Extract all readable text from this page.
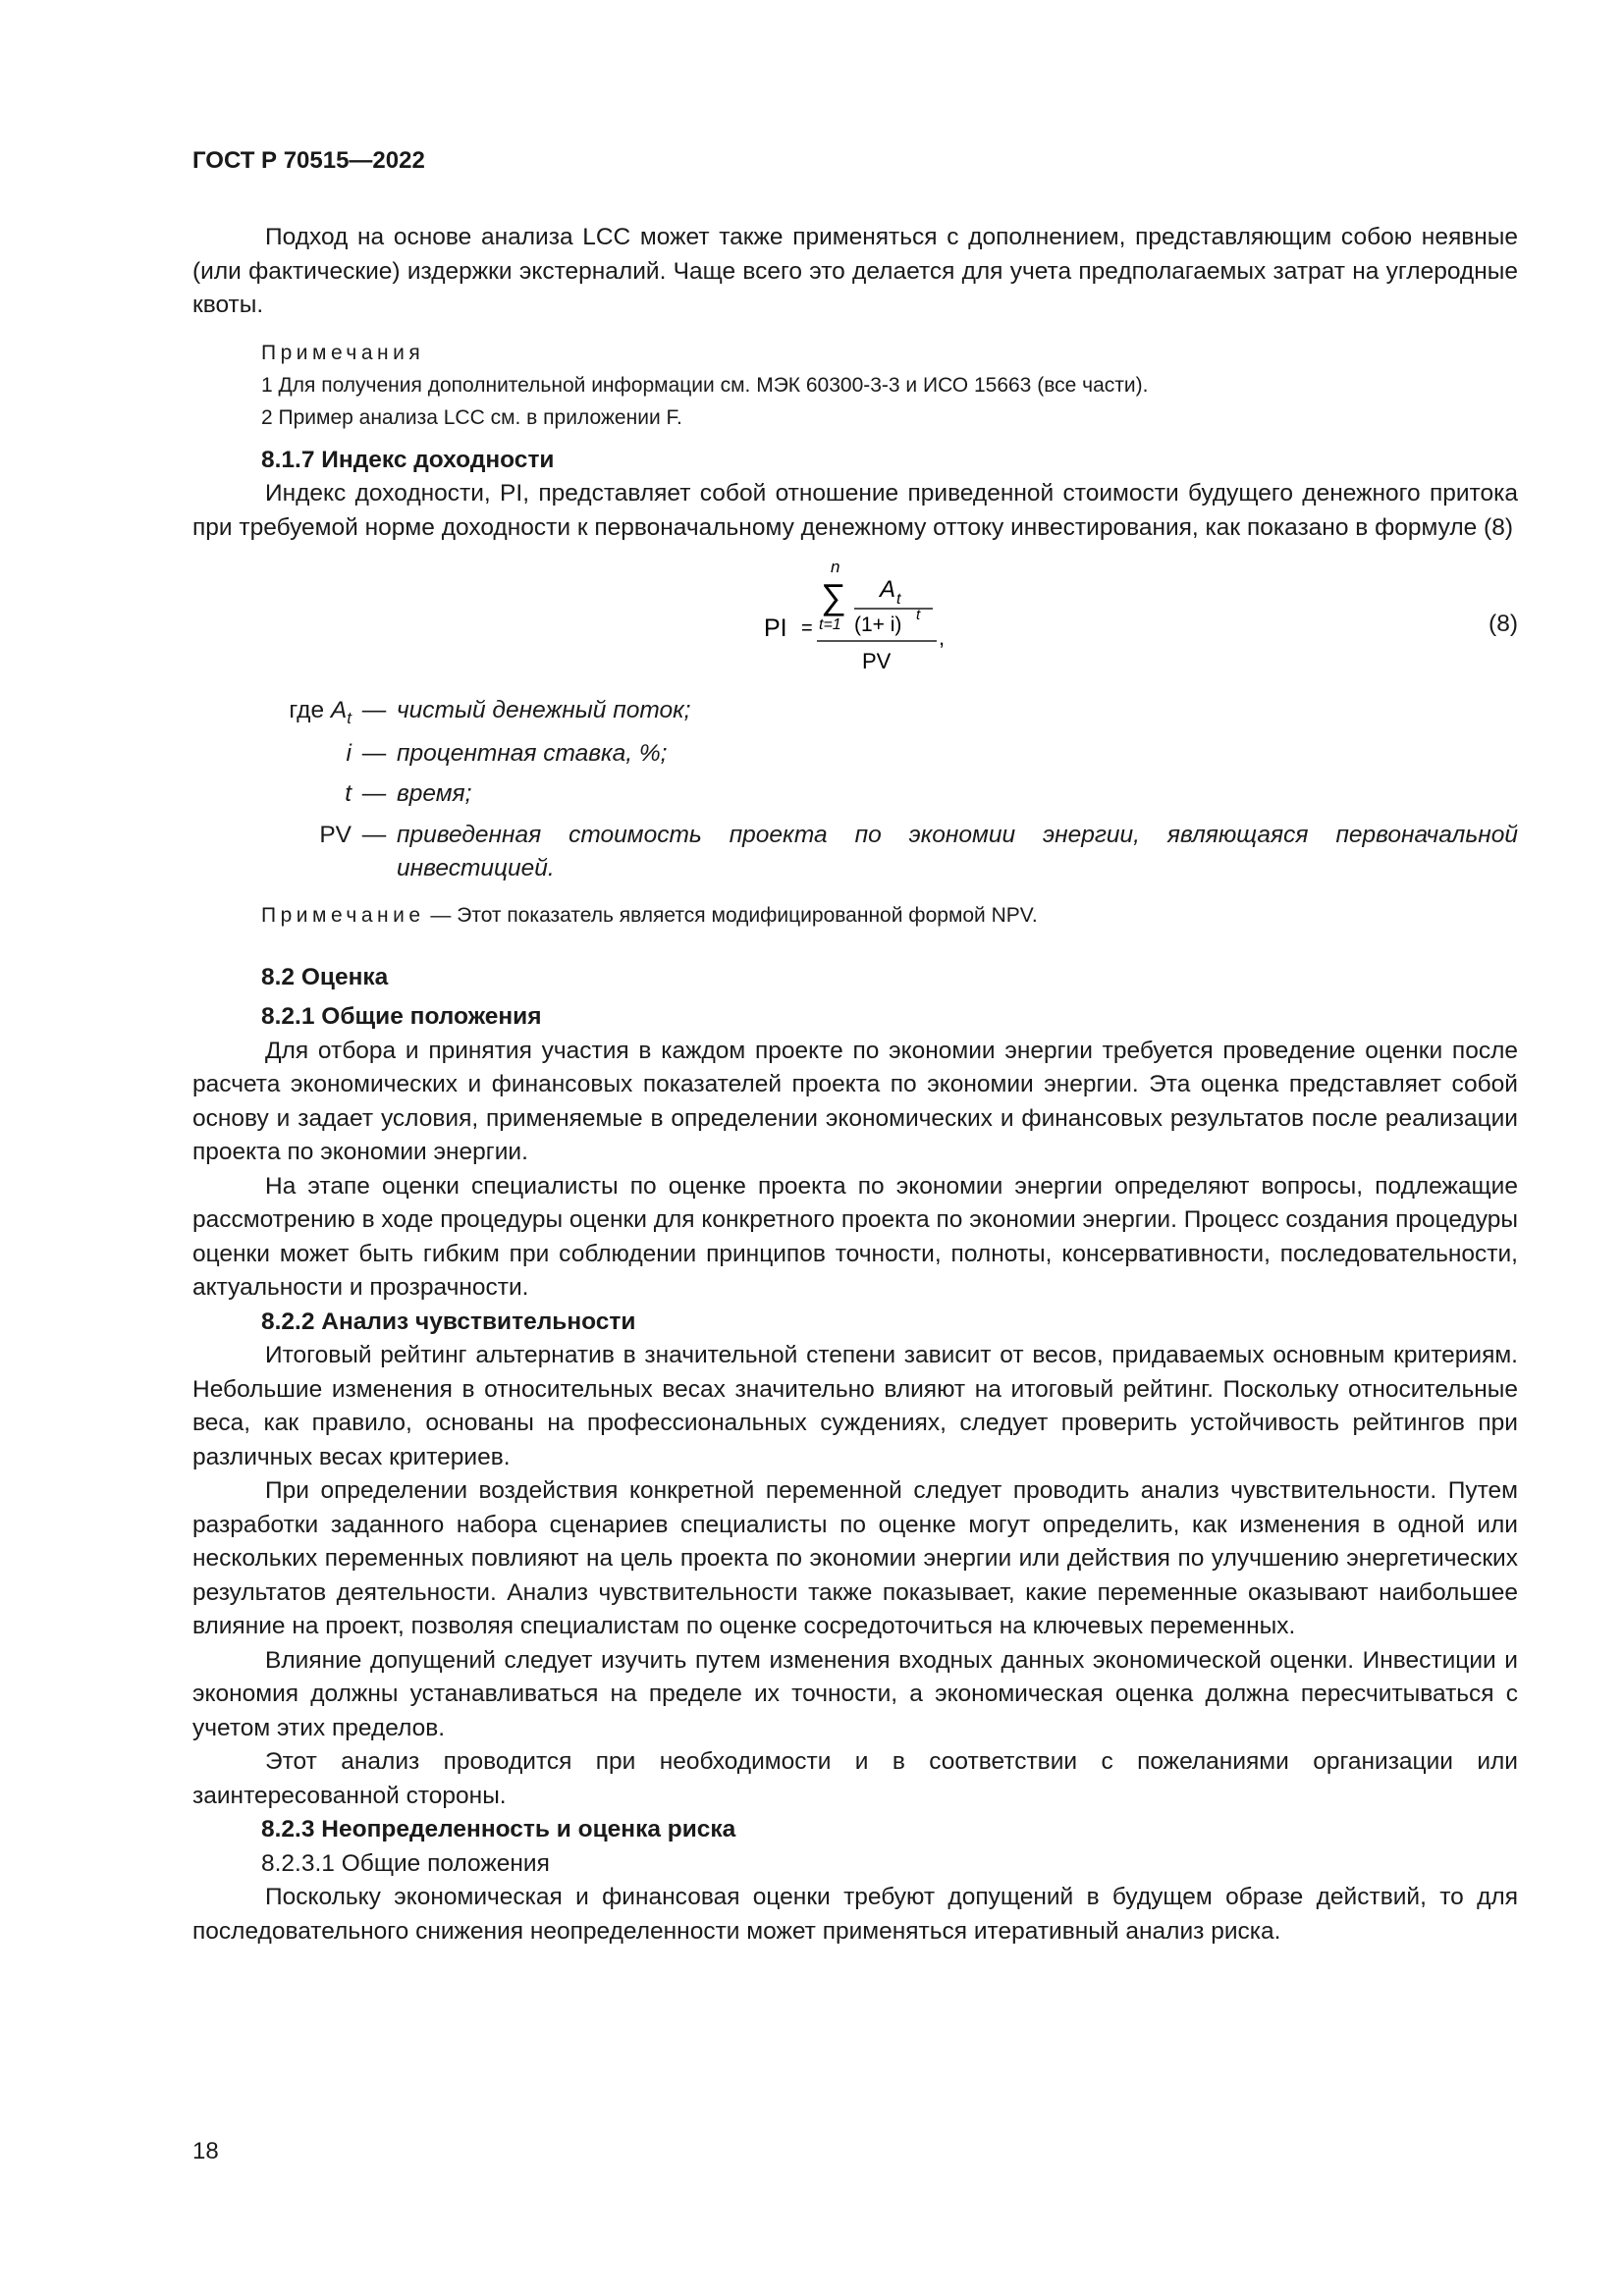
ГОСТ Р 70515—2022

Подход на основе анализа LCC может также применяться с дополнением, представляющим собою неявные (или фактические) издержки экстерналий. Чаще всего это делается для учета предполагаемых затрат на углеродные квоты.

Примечания

1 Для получения дополнительной информации см. МЭК 60300-3-3 и ИСО 15663 (все части).

2 Пример анализа LCC см. в приложении F.

8.1.7 Индекс доходности

Индекс доходности, PI, представляет собой отношение приведенной стоимости будущего денежного притока при требуемой норме доходности к первоначальному денежному оттоку инвестирования, как показано в формуле (8)

PI =
n
∑
t=1
A t
(1+ i) t
PV
,
(8)
где $A_t$ — чистый денежный поток;
i — процентная ставка, %;
t — время;
PV — приведенная стоимость проекта по экономии энергии, являющаяся первоначальной
инвестицией.

Примечание — Этот показатель является модифицированной формой NPV.

8.2 Оценка

8.2.1 Общие положения

Для отбора и принятия участия в каждом проекте по экономии энергии требуется проведение оценки после расчета экономических и финансовых показателей проекта по экономии энергии. Эта оценка представляет собой основу и задает условия, применяемые в определении экономических и финансовых результатов после реализации проекта по экономии энергии.

На этапе оценки специалисты по оценке проекта по экономии энергии определяют вопросы, подлежащие рассмотрению в ходе процедуры оценки для конкретного проекта по экономии энергии. Процесс создания процедуры оценки может быть гибким при соблюдении принципов точности, полноты, консервативности, последовательности, актуальности и прозрачности.

8.2.2 Анализ чувствительности

Итоговый рейтинг альтернатив в значительной степени зависит от весов, придаваемых основным критериям. Небольшие изменения в относительных весах значительно влияют на итоговый рейтинг. Поскольку относительные веса, как правило, основаны на профессиональных суждениях, следует проверить устойчивость рейтингов при различных весах критериев.

При определении воздействия конкретной переменной следует проводить анализ чувствительности. Путем разработки заданного набора сценариев специалисты по оценке могут определить, как изменения в одной или нескольких переменных повлияют на цель проекта по экономии энергии или действия по улучшению энергетических результатов деятельности. Анализ чувствительности также показывает, какие переменные оказывают наибольшее влияние на проект, позволяя специалистам по оценке сосредоточиться на ключевых переменных.

Влияние допущений следует изучить путем изменения входных данных экономической оценки. Инвестиции и экономия должны устанавливаться на пределе их точности, а экономическая оценка должна пересчитываться с учетом этих пределов.

Этот анализ проводится при необходимости и в соответствии с пожеланиями организации или заинтересованной стороны.

8.2.3 Неопределенность и оценка риска

8.2.3.1 Общие положения

Поскольку экономическая и финансовая оценки требуют допущений в будущем образе действий, то для последовательного снижения неопределенности может применяться итеративный анализ риска.

18
